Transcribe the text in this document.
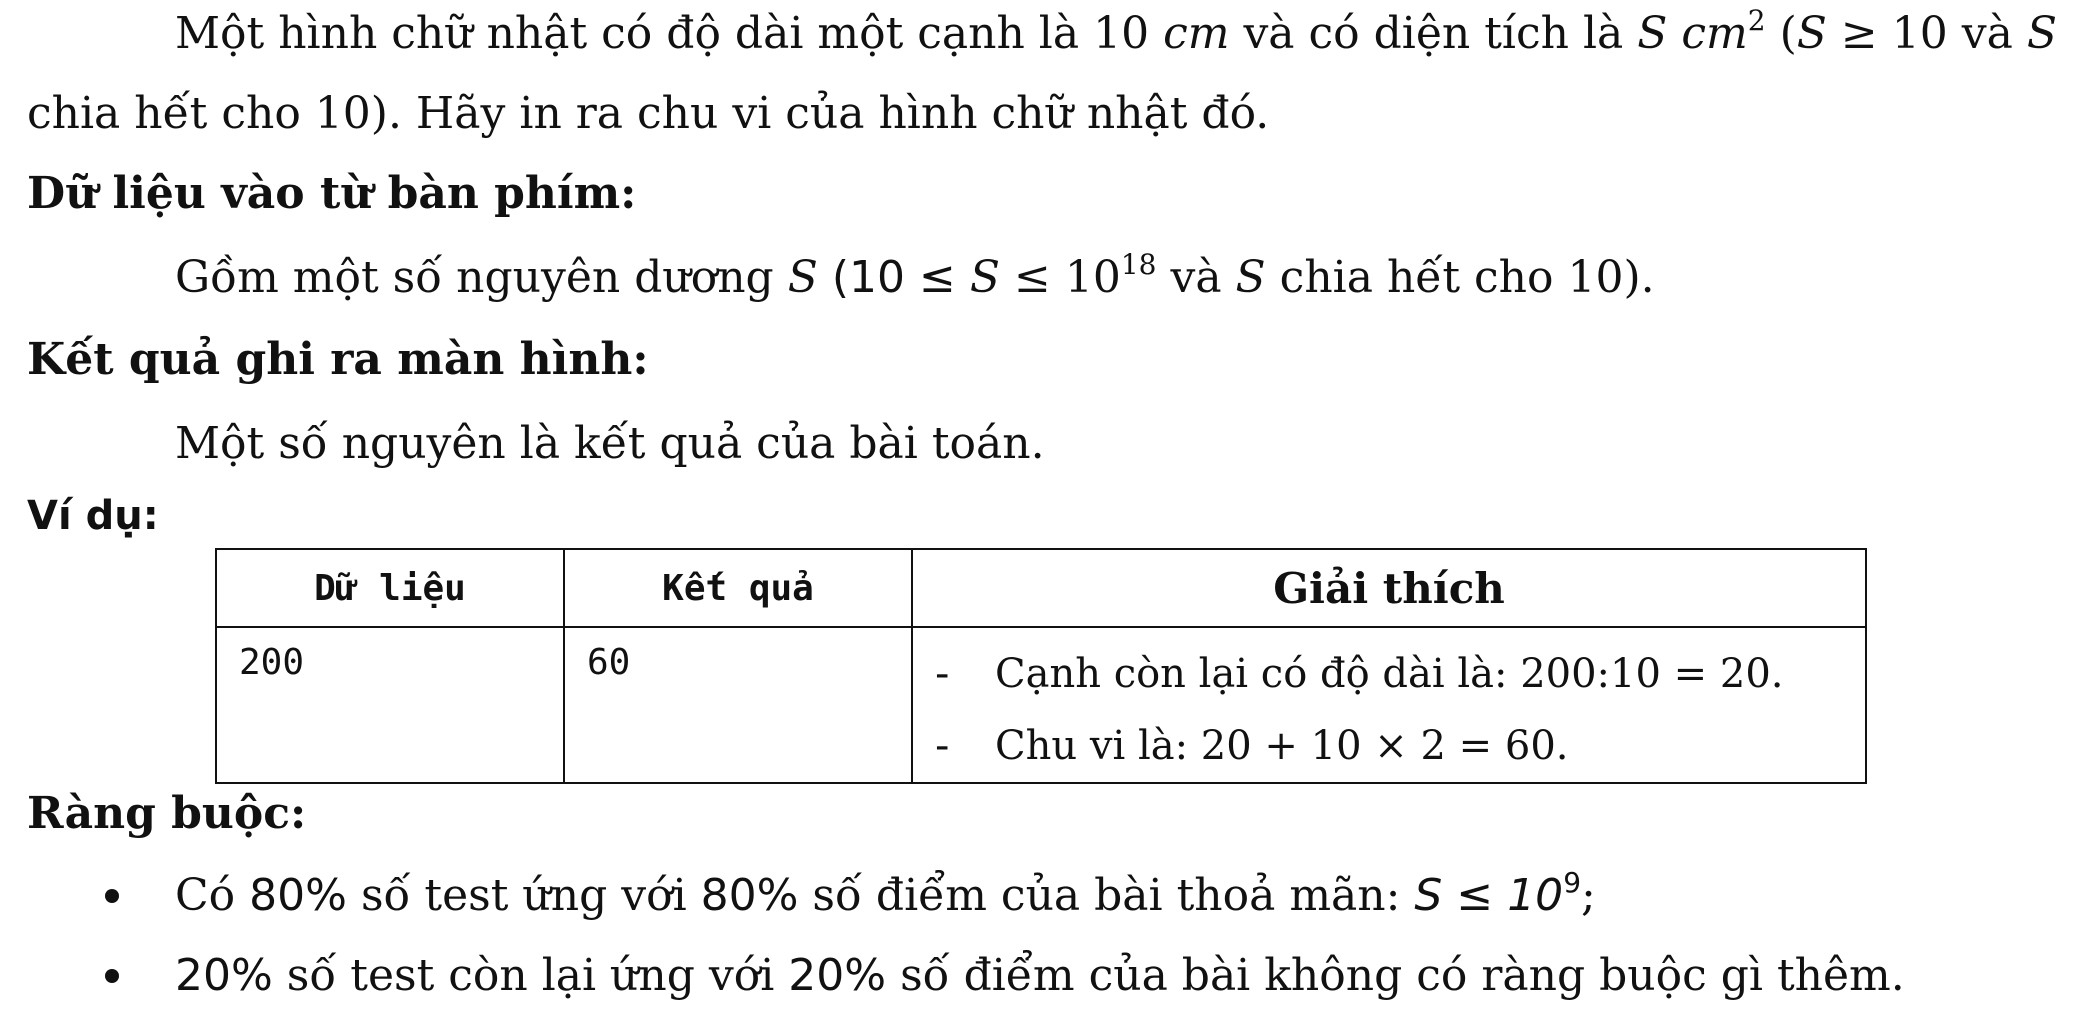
Một hình chữ nhật có độ dài một cạnh là 10 cm và có diện tích là S $cm^2$ (S ≥ 10 và S
chia hết cho 10). Hãy in ra chu vi của hình chữ nhật đó.
Dữ liệu vào từ bàn phím:
Gồm một số nguyên dương S ($10 \le S \le 10^{18}$ và S chia hết cho 10).
Kết quả ghi ra màn hình:
Một số nguyên là kết quả của bài toán.
Ví dụ:
Dữ liệu	Kết quả	Giải thích
200	60	- Cạnh còn lại có độ dài là: 200:10 = 20.
- Chu vi là: 20 + 10 × 2 = 60.
Ràng buộc:
Có 80% số test ứng với 80% số điểm của bài thoả mãn: $S \le 10^9$;
20% số test còn lại ứng với 20% số điểm của bài không có ràng buộc gì thêm.
